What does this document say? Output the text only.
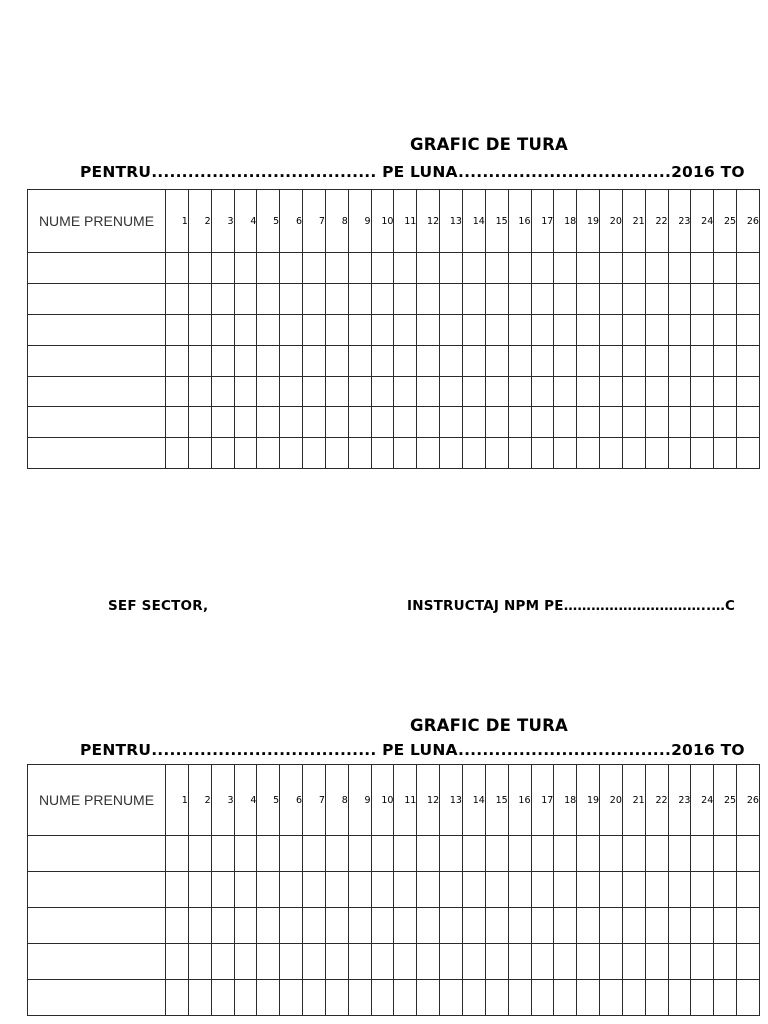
GRAFIC DE TURA
PENTRU..................................... PE LUNA...................................2016 TO
NUME PRENUME	1	2	3	4	5	6	7	8	9	10	11	12	13	14	15	16	17	18	19	20	21	22	23	24	25	26

SEF SECTOR,	INSTRUCTAJ NPM PE…………………………..…C
GRAFIC DE TURA
PENTRU..................................... PE LUNA...................................2016 TO
NUME PRENUME	1	2	3	4	5	6	7	8	9	10	11	12	13	14	15	16	17	18	19	20	21	22	23	24	25	26
